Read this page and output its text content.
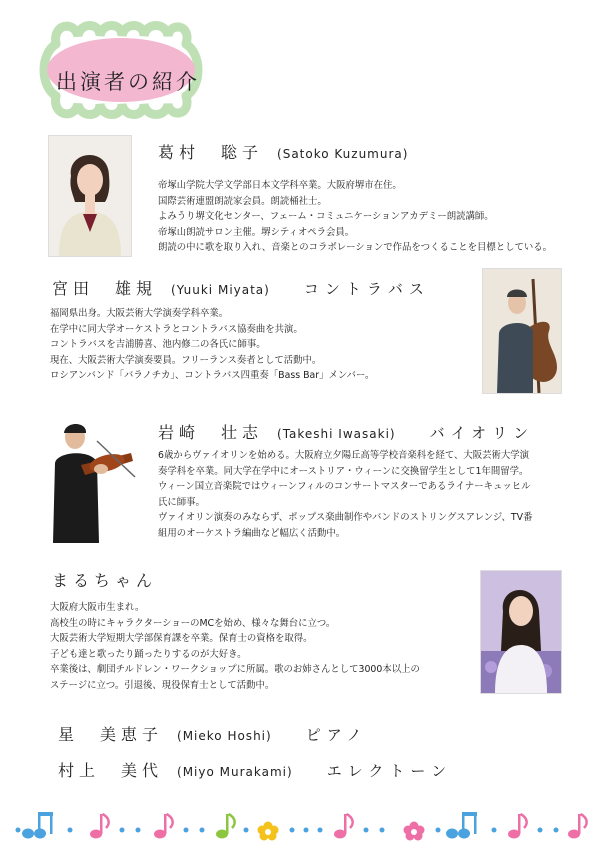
出演者の紹介
葛村　聡子 (Satoko Kuzumura)
帝塚山学院大学文学部日本文学科卒業。大阪府堺市在住。
国際芸術連盟朗読家会員。朗読桶社士。
よみうり堺文化センター、フェーム・コミュニケーションアカデミー朗読講師。
帝塚山朗読サロン主催。堺シティオペラ会員。
朗読の中に歌を取り入れ、音楽とのコラボレーションで作品をつくることを目標としている。
宮田　雄規 (Yuuki Miyata) コントラバス
福岡県出身。大阪芸術大学演奏学科卒業。
在学中に同大学オーケストラとコントラバス協奏曲を共演。
コントラバスを吉浦勝喜、池内修二の各氏に師事。
現在、大阪芸術大学演奏要員。フリーランス奏者として活動中。
ロシアンバンド「バラノチカ」、コントラバス四重奏「Bass Bar」メンバー。
岩崎　壮志 (Takeshi Iwasaki) バイオリン
6歳からヴァイオリンを始める。大阪府立夕陽丘高等学校音楽科を経て、大阪芸術大学演
奏学科を卒業。同大学在学中にオーストリア・ウィーンに交換留学生として1年間留学。
ウィーン国立音楽院ではウィーンフィルのコンサートマスターであるライナーキュッヒル
氏に師事。
ヴァイオリン演奏のみならず、ポップス楽曲制作やバンドのストリングスアレンジ、TV番
組用のオーケストラ編曲など幅広く活動中。
まるちゃん
大阪府大阪市生まれ。
高校生の時にキャラクターショーのMCを始め、様々な舞台に立つ。
大阪芸術大学短期大学部保育課を卒業。保育士の資格を取得。
子ども達と歌ったり踊ったりするのが大好き。
卒業後は、劇団チルドレン・ワークショップに所属。歌のお姉さんとして3000本以上の
ステージに立つ。引退後、現役保育士として活動中。
星　美恵子 (Mieko Hoshi) ピアノ
村上　美代 (Miyo Murakami) エレクトーン
